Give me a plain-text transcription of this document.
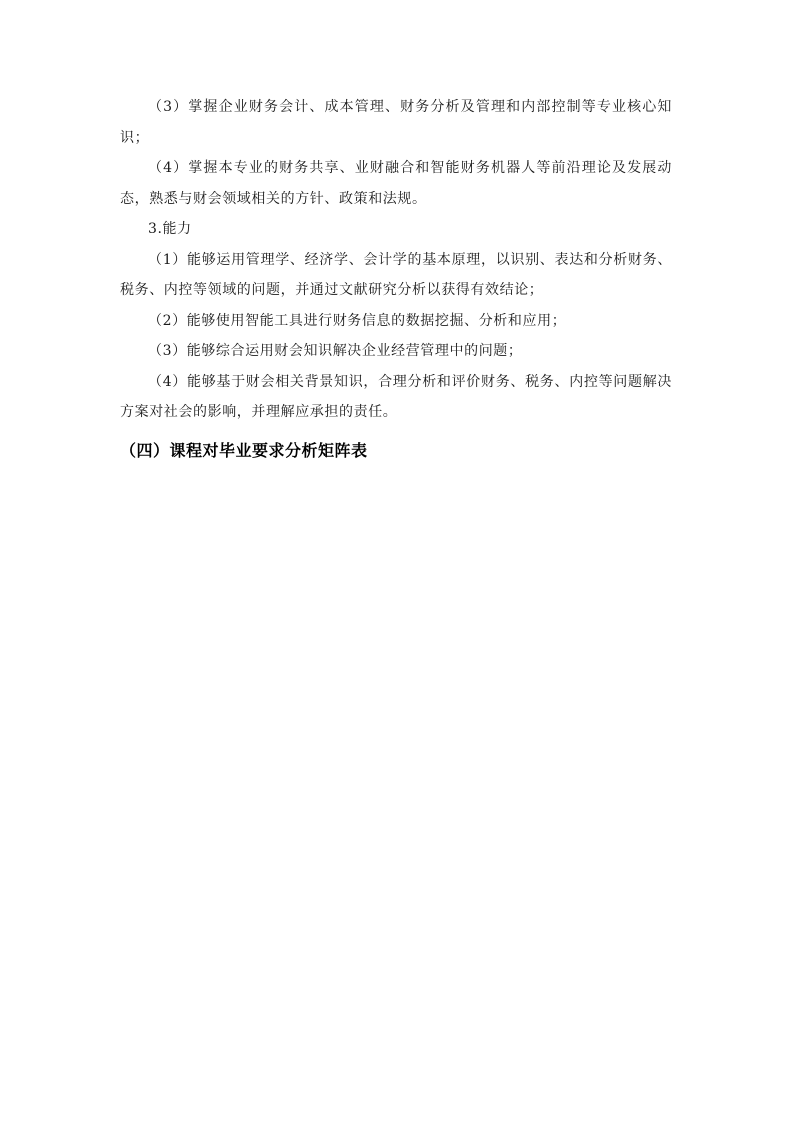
（3）掌握企业财务会计、成本管理、财务分析及管理和内部控制等专业核心知识；

（4）掌握本专业的财务共享、业财融合和智能财务机器人等前沿理论及发展动态，熟悉与财会领域相关的方针、政策和法规。

3.能力

（1）能够运用管理学、经济学、会计学的基本原理，以识别、表达和分析财务、税务、内控等领域的问题，并通过文献研究分析以获得有效结论；

（2）能够使用智能工具进行财务信息的数据挖掘、分析和应用；

（3）能够综合运用财会知识解决企业经营管理中的问题；

（4）能够基于财会相关背景知识，合理分析和评价财务、税务、内控等问题解决方案对社会的影响，并理解应承担的责任。

（四）课程对毕业要求分析矩阵表
